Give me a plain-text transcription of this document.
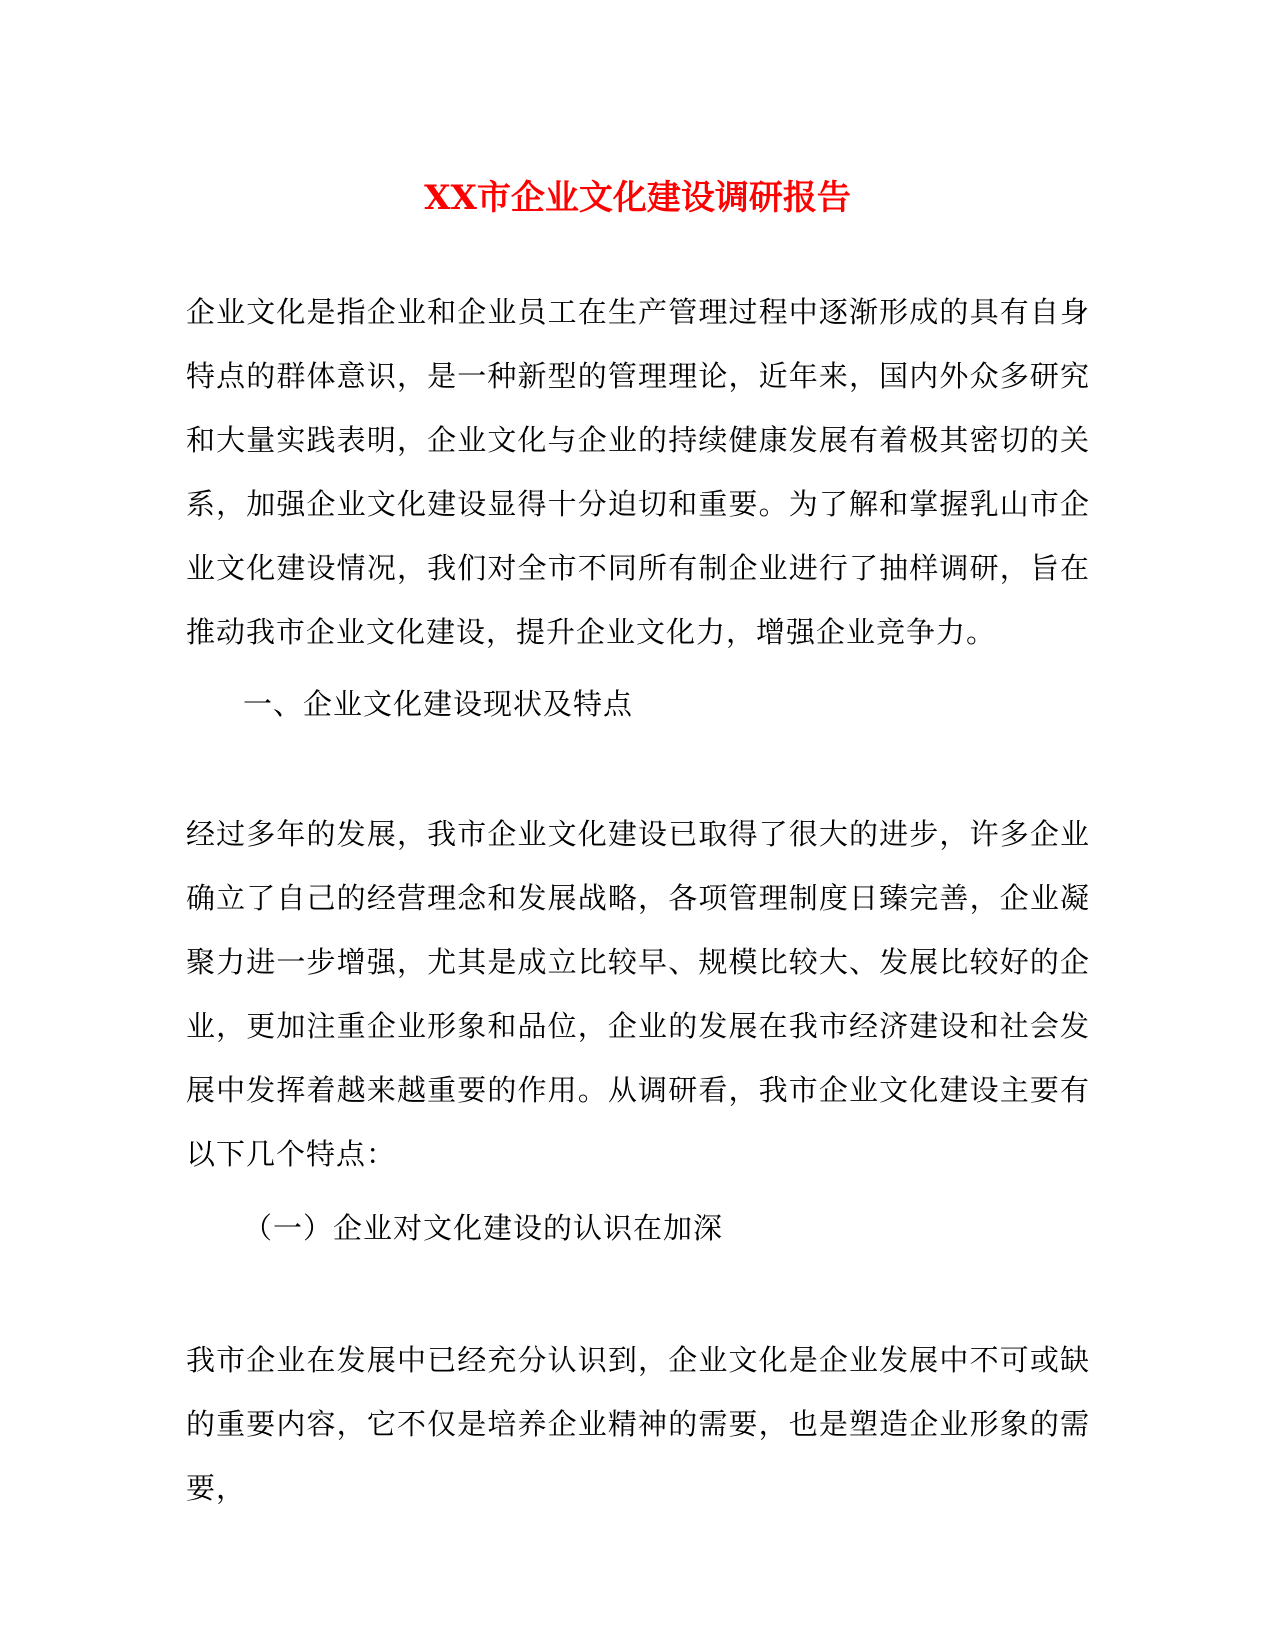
XX市企业文化建设调研报告

企业文化是指企业和企业员工在生产管理过程中逐渐形成的具有自身特点的群体意识，是一种新型的管理理论，近年来，国内外众多研究和大量实践表明，企业文化与企业的持续健康发展有着极其密切的关系，加强企业文化建设显得十分迫切和重要。为了解和掌握乳山市企业文化建设情况，我们对全市不同所有制企业进行了抽样调研，旨在推动我市企业文化建设，提升企业文化力，增强企业竞争力。

一、企业文化建设现状及特点

经过多年的发展，我市企业文化建设已取得了很大的进步，许多企业确立了自己的经营理念和发展战略，各项管理制度日臻完善，企业凝聚力进一步增强，尤其是成立比较早、规模比较大、发展比较好的企业，更加注重企业形象和品位，企业的发展在我市经济建设和社会发展中发挥着越来越重要的作用。从调研看，我市企业文化建设主要有以下几个特点：

（一）企业对文化建设的认识在加深

我市企业在发展中已经充分认识到，企业文化是企业发展中不可或缺的重要内容，它不仅是培养企业精神的需要，也是塑造企业形象的需要，
